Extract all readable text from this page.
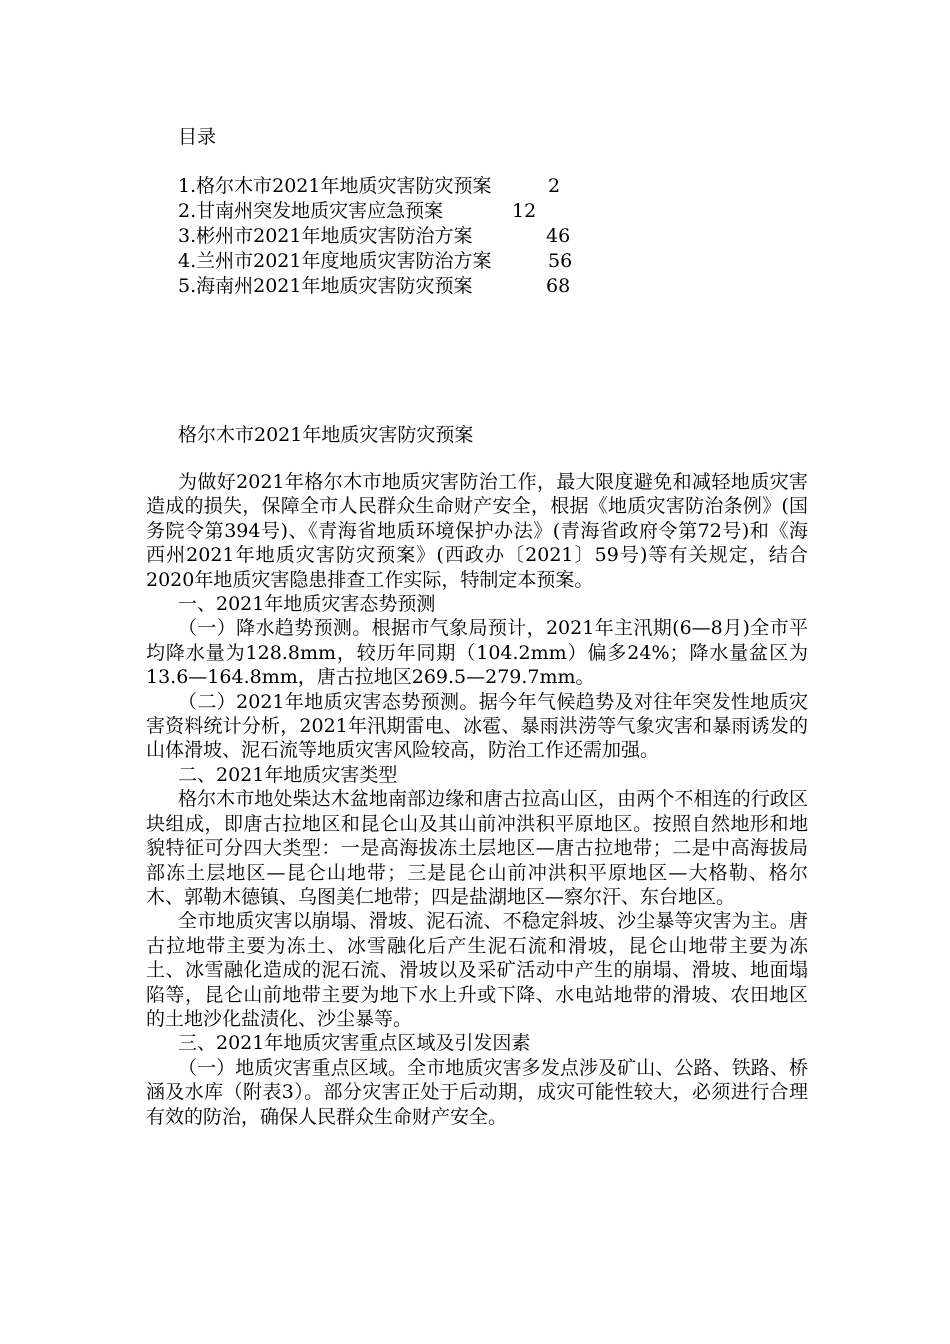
目录
1.格尔木市2021年地质灾害防灾预案	2
2.甘南州突发地质灾害应急预案	12
3.彬州市2021年地质灾害防治方案	46
4.兰州市2021年度地质灾害防治方案	56
5.海南州2021年地质灾害防灾预案	68
格尔木市2021年地质灾害防灾预案

为做好2021年格尔木市地质灾害防治工作，最大限度避免和减轻地质灾害造成的损失，保障全市人民群众生命财产安全，根据《地质灾害防治条例》(国务院令第394号)、《青海省地质环境保护办法》(青海省政府令第72号)和《海西州2021年地质灾害防灾预案》(西政办〔2021〕59号)等有关规定，结合2020年地质灾害隐患排查工作实际，特制定本预案。

一、2021年地质灾害态势预测

（一）降水趋势预测。根据市气象局预计，2021年主汛期(6—8月)全市平均降水量为128.8mm，较历年同期（104.2mm）偏多24%；降水量盆区为13.6—164.8mm，唐古拉地区269.5—279.7mm。

（二）2021年地质灾害态势预测。据今年气候趋势及对往年突发性地质灾害资料统计分析，2021年汛期雷电、冰雹、暴雨洪涝等气象灾害和暴雨诱发的山体滑坡、泥石流等地质灾害风险较高，防治工作还需加强。

二、2021年地质灾害类型

格尔木市地处柴达木盆地南部边缘和唐古拉高山区，由两个不相连的行政区块组成，即唐古拉地区和昆仑山及其山前冲洪积平原地区。按照自然地形和地貌特征可分四大类型：一是高海拔冻土层地区—唐古拉地带；二是中高海拔局部冻土层地区—昆仑山地带；三是昆仑山前冲洪积平原地区—大格勒、格尔木、郭勒木德镇、乌图美仁地带；四是盐湖地区—察尔汗、东台地区。

全市地质灾害以崩塌、滑坡、泥石流、不稳定斜坡、沙尘暴等灾害为主。唐古拉地带主要为冻土、冰雪融化后产生泥石流和滑坡，昆仑山地带主要为冻土、冰雪融化造成的泥石流、滑坡以及采矿活动中产生的崩塌、滑坡、地面塌陷等，昆仑山前地带主要为地下水上升或下降、水电站地带的滑坡、农田地区的土地沙化盐渍化、沙尘暴等。

三、2021年地质灾害重点区域及引发因素

（一）地质灾害重点区域。全市地质灾害多发点涉及矿山、公路、铁路、桥涵及水库（附表3）。部分灾害正处于后动期，成灾可能性较大，必须进行合理有效的防治，确保人民群众生命财产安全。
